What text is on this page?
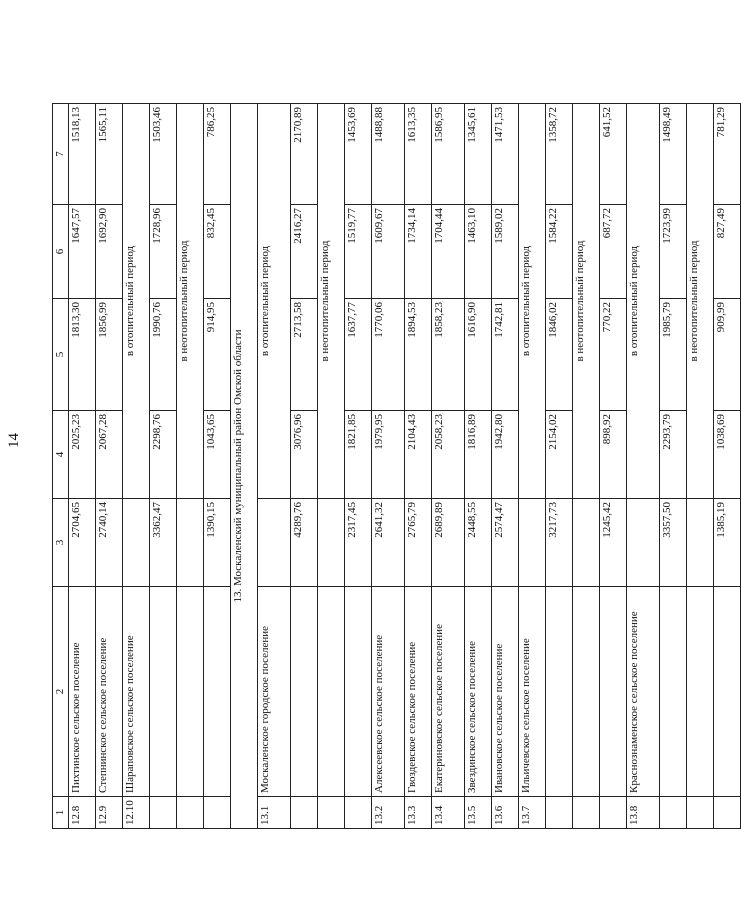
14
1	2	3	4	5	6	7
12.8	Пихтинское сельское поселение	2704,65	2025,23	1813,30	1647,57	1518,13
12.9	Степнинское сельское поселение	2740,14	2067,28	1856,99	1692,90	1565,11
12.10	Шараповское сельское поселение		в отопительный период			
		3362,47	2298,76	1990,76	1728,96	1503,46
			в неотопительный период			
		1390,15	1043,65	914,95	832,45	786,25
13. Москаленский муниципальный район Омской области						
13.1	Москаленское городское поселение		в отопительный период			
		4289,76	3076,96	2713,58	2416,27	2170,89
			в неотопительный период			
		2317,45	1821,85	1637,77	1519,77	1453,69
13.2	Алексеевское сельское поселение	2641,32	1979,95	1770,06	1609,67	1488,88
13.3	Гвоздевское сельское поселение	2765,79	2104,43	1894,53	1734,14	1613,35
13.4	Екатериновское сельское поселение	2689,89	2058,23	1858,23	1704,44	1586,95
13.5	Звездинское сельское поселение	2448,55	1816,89	1616,90	1463,10	1345,61
13.6	Ивановское сельское поселение	2574,47	1942,80	1742,81	1589,02	1471,53
13.7	Ильичевское сельское поселение		в отопительный период			
		3217,73	2154,02	1846,02	1584,22	1358,72
			в неотопительный период			
		1245,42	898,92	770,22	687,72	641,52
13.8	Краснознаменское сельское поселение		в отопительный период			
		3357,50	2293,79	1985,79	1723,99	1498,49
			в неотопительный период			
		1385,19	1038,69	909,99	827,49	781,29
